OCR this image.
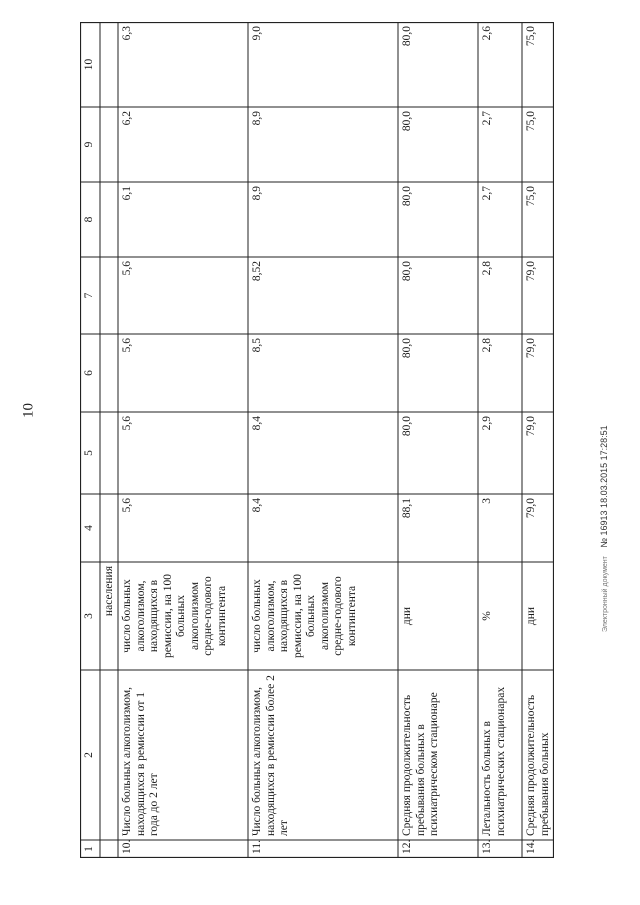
10
1
2
3
4
5
6
7
8
9
10
населения
10.
Число больных алкоголизмом, находящихся в ремиссии от 1 года до 2 лет
число больных алкоголизмом, находящихся в ремиссии, на 100 больных алкоголизмом средне-годового контингента
5,6
5,6
5,6
5,6
6,1
6,2
6,3
11.
Число больных алкоголизмом, находящихся в ремиссии более 2 лет
число больных алкоголизмом, находящихся в ремиссии, на 100 больных алкоголизмом средне-годового контингента
8,4
8,4
8,5
8,52
8,9
8,9
9,0
12.
Средняя продолжительность пребывания больных в психиатрическом стационаре
дни
88,1
80,0
80,0
80,0
80,0
80,0
80,0
13.
Летальность больных в психиатрических стационарах
%
3
2,9
2,8
2,8
2,7
2,7
2,6
14.
Средняя продолжительность пребывания больных
дни
79,0
79,0
79,0
79,0
75,0
75,0
75,0
Электронный документ № 16913 18.03.2015 17:28:51
